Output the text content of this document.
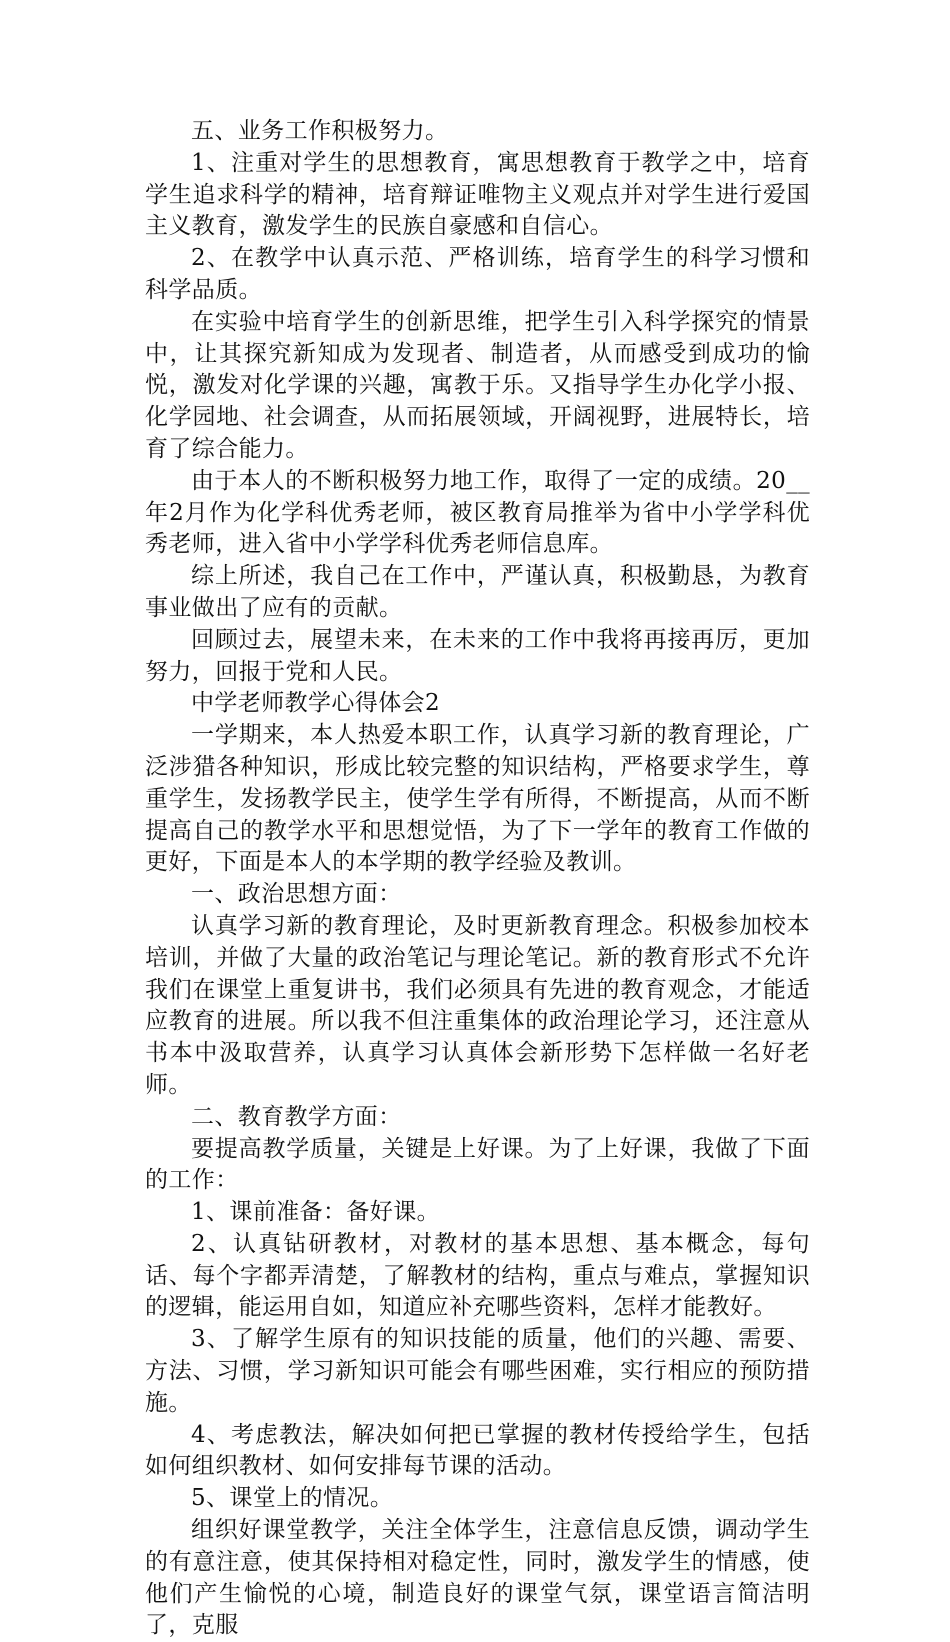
五、业务工作积极努力。

1、注重对学生的思想教育，寓思想教育于教学之中，培育学生追求科学的精神，培育辩证唯物主义观点并对学生进行爱国主义教育，激发学生的民族自豪感和自信心。

2、在教学中认真示范、严格训练，培育学生的科学习惯和科学品质。

在实验中培育学生的创新思维，把学生引入科学探究的情景中，让其探究新知成为发现者、制造者，从而感受到成功的愉悦，激发对化学课的兴趣，寓教于乐。又指导学生办化学小报、化学园地、社会调查，从而拓展领域，开阔视野，进展特长，培育了综合能力。

由于本人的不断积极努力地工作，取得了一定的成绩。20__年2月作为化学科优秀老师，被区教育局推举为省中小学学科优秀老师，进入省中小学学科优秀老师信息库。

综上所述，我自己在工作中，严谨认真，积极勤恳，为教育事业做出了应有的贡献。

回顾过去，展望未来，在未来的工作中我将再接再厉，更加努力，回报于党和人民。

中学老师教学心得体会2

一学期来，本人热爱本职工作，认真学习新的教育理论，广泛涉猎各种知识，形成比较完整的知识结构，严格要求学生，尊重学生，发扬教学民主，使学生学有所得，不断提高，从而不断提高自己的教学水平和思想觉悟，为了下一学年的教育工作做的更好，下面是本人的本学期的教学经验及教训。

一、政治思想方面：

认真学习新的教育理论，及时更新教育理念。积极参加校本培训，并做了大量的政治笔记与理论笔记。新的教育形式不允许我们在课堂上重复讲书，我们必须具有先进的教育观念，才能适应教育的进展。所以我不但注重集体的政治理论学习，还注意从书本中汲取营养，认真学习认真体会新形势下怎样做一名好老师。

二、教育教学方面：

要提高教学质量，关键是上好课。为了上好课，我做了下面的工作：

1、课前准备：备好课。

2、认真钻研教材，对教材的基本思想、基本概念，每句话、每个字都弄清楚，了解教材的结构，重点与难点，掌握知识的逻辑，能运用自如，知道应补充哪些资料，怎样才能教好。

3、了解学生原有的知识技能的质量，他们的兴趣、需要、方法、习惯，学习新知识可能会有哪些困难，实行相应的预防措施。

4、考虑教法，解决如何把已掌握的教材传授给学生，包括如何组织教材、如何安排每节课的活动。

5、课堂上的情况。

组织好课堂教学，关注全体学生，注意信息反馈，调动学生的有意注意，使其保持相对稳定性，同时，激发学生的情感，使他们产生愉悦的心境，制造良好的课堂气氛，课堂语言简洁明了，克服
